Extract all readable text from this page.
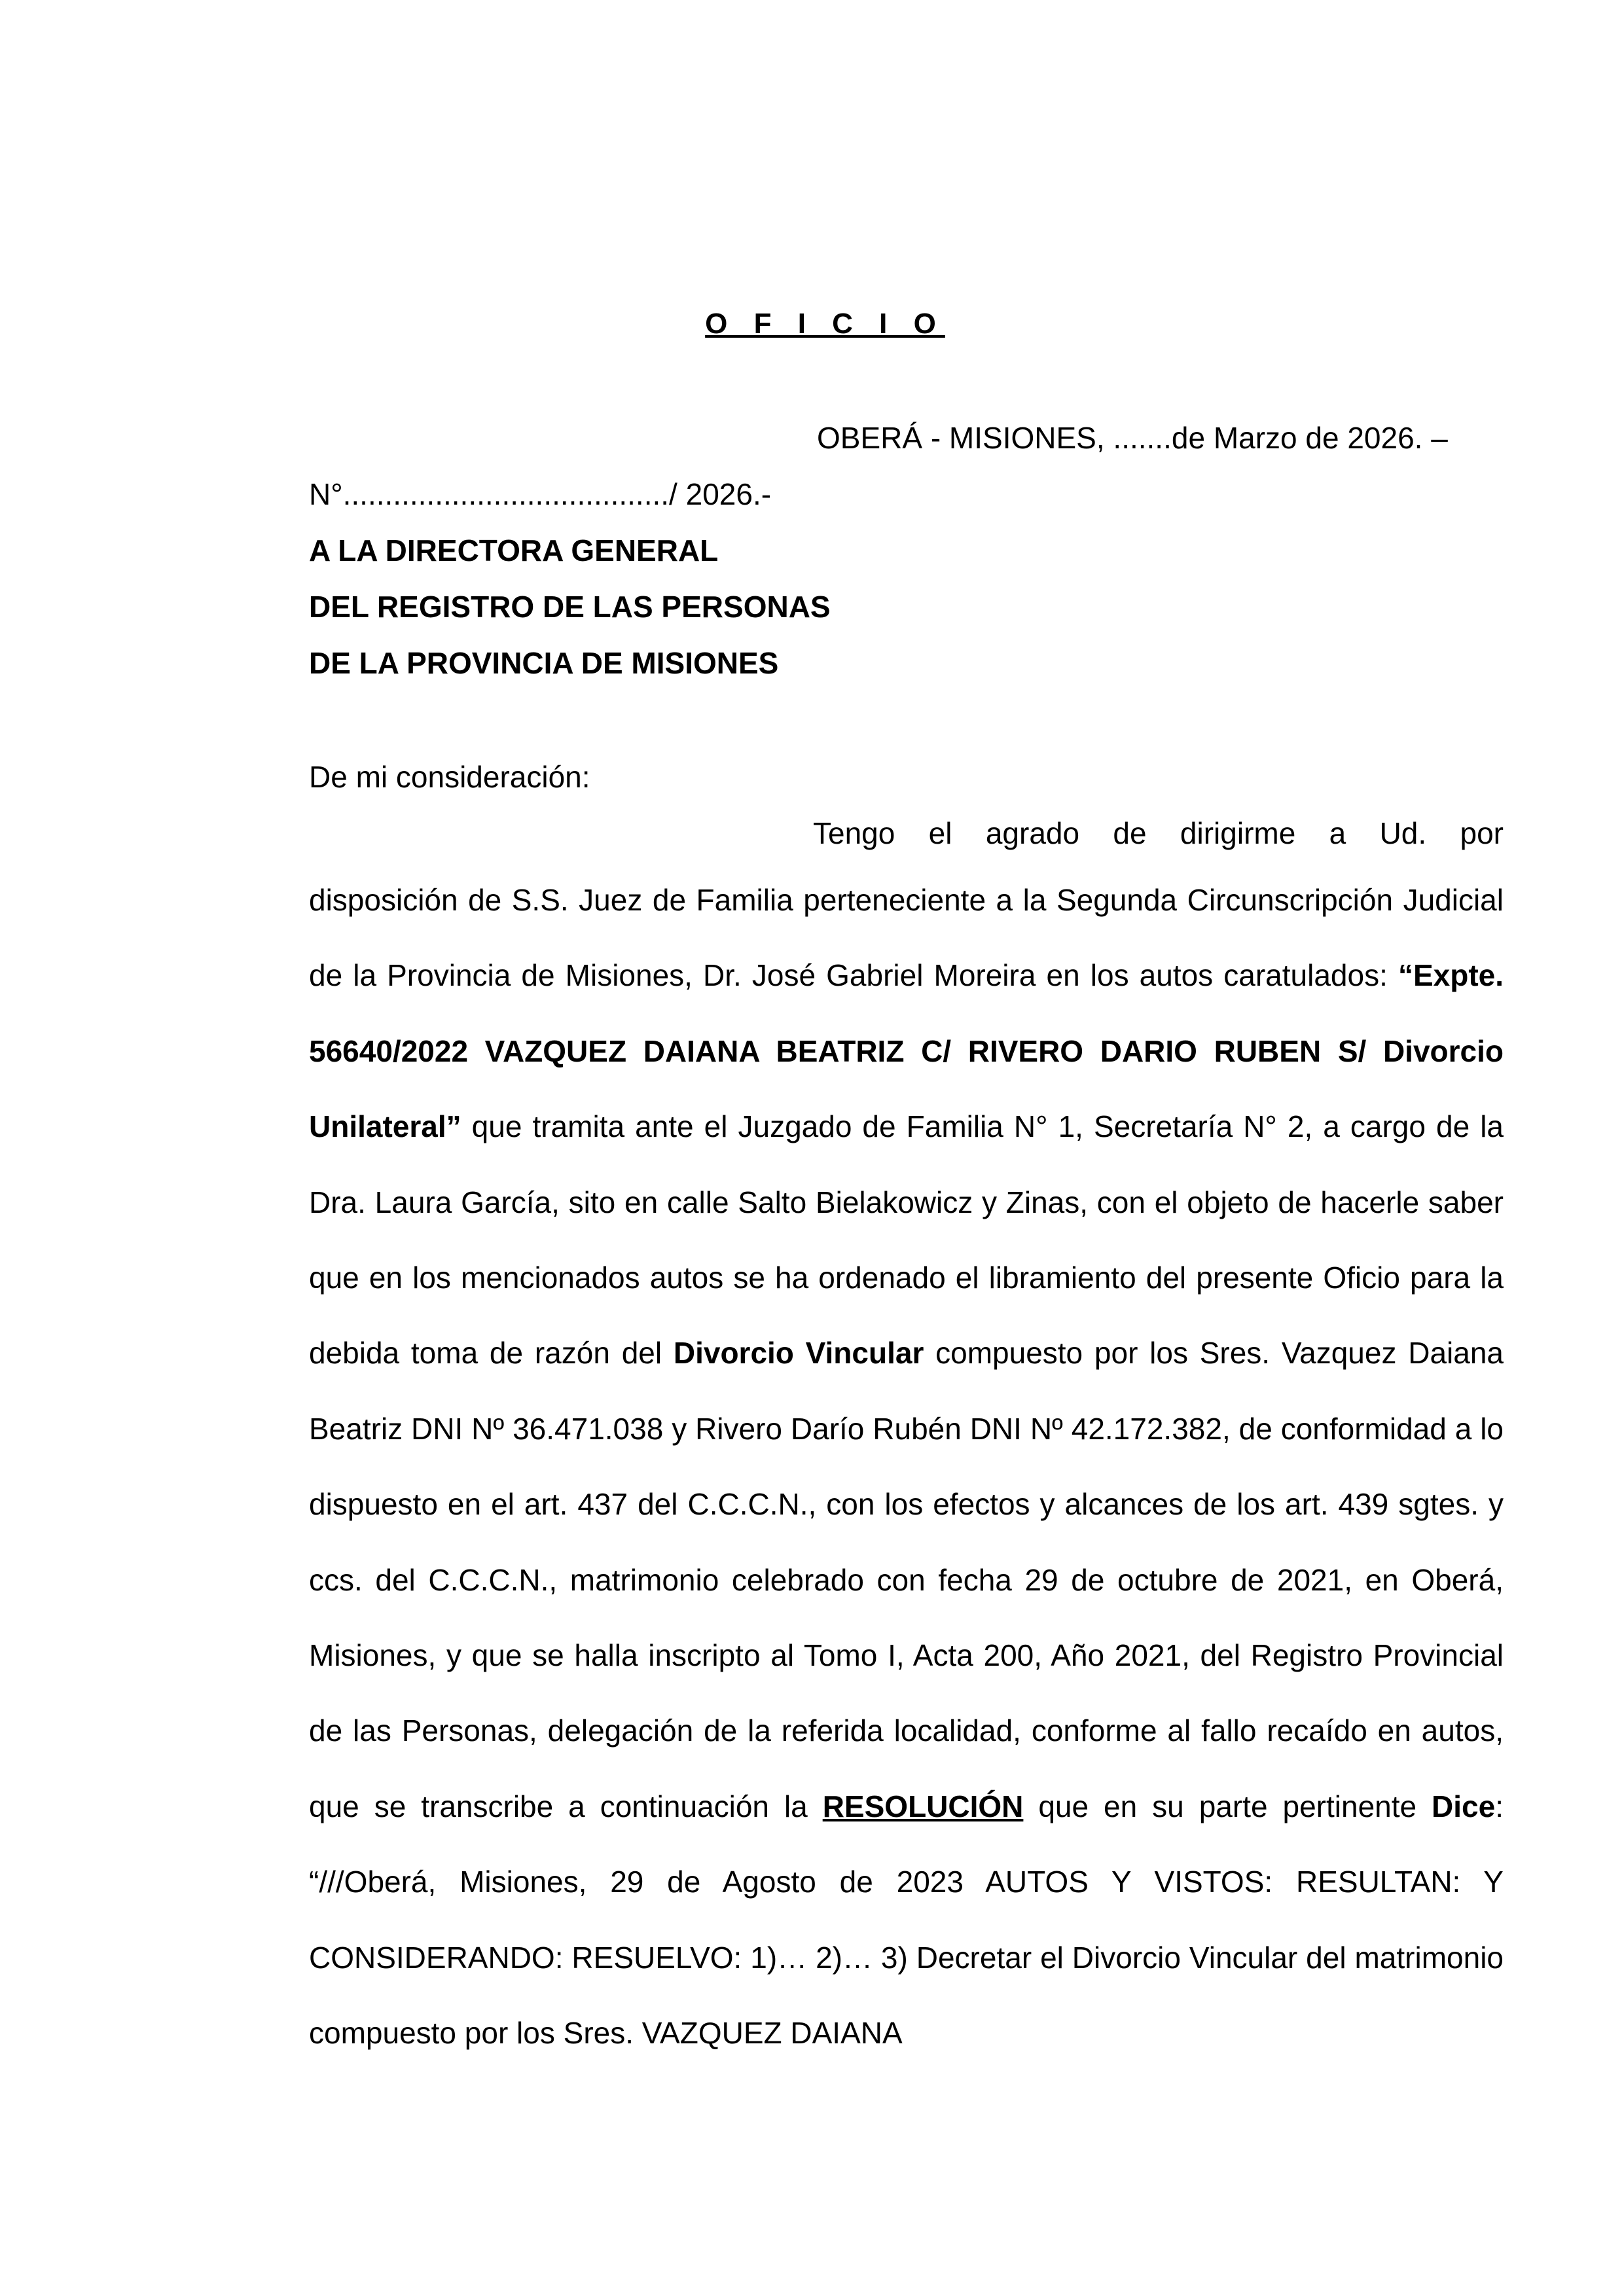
O F I C I O
OBERÁ - MISIONES, .......de Marzo de 2026. –
N°......................................./ 2026.-
A LA DIRECTORA GENERAL
DEL REGISTRO DE LAS PERSONAS
DE LA PROVINCIA DE MISIONES
De mi consideración:
Tengo el agrado de dirigirme a Ud. por
disposición de S.S. Juez de Familia perteneciente a la Segunda Circunscripción Judicial de la Provincia de Misiones, Dr. José Gabriel Moreira en los autos caratulados: “Expte. 56640/2022 VAZQUEZ DAIANA BEATRIZ C/ RIVERO DARIO RUBEN S/ Divorcio Unilateral” que tramita ante el Juzgado de Familia N° 1, Secretaría N° 2, a cargo de la Dra. Laura García, sito en calle Salto Bielakowicz y Zinas, con el objeto de hacerle saber que en los mencionados autos se ha ordenado el libramiento del presente Oficio para la debida toma de razón del Divorcio Vincular compuesto por los Sres. Vazquez Daiana Beatriz DNI Nº 36.471.038 y Rivero Darío Rubén DNI Nº 42.172.382, de conformidad a lo dispuesto en el art. 437 del C.C.C.N., con los efectos y alcances de los art. 439 sgtes. y ccs. del C.C.C.N., matrimonio celebrado con fecha 29 de octubre de 2021, en Oberá, Misiones, y que se halla inscripto al Tomo I, Acta 200, Año 2021, del Registro Provincial de las Personas, delegación de la referida localidad, conforme al fallo recaído en autos, que se transcribe a continuación la RESOLUCIÓN que en su parte pertinente Dice: “///Oberá, Misiones, 29 de Agosto de 2023 AUTOS Y VISTOS: RESULTAN: Y CONSIDERANDO: RESUELVO: 1)… 2)… 3) Decretar el Divorcio Vincular del matrimonio compuesto por los Sres. VAZQUEZ DAIANA
